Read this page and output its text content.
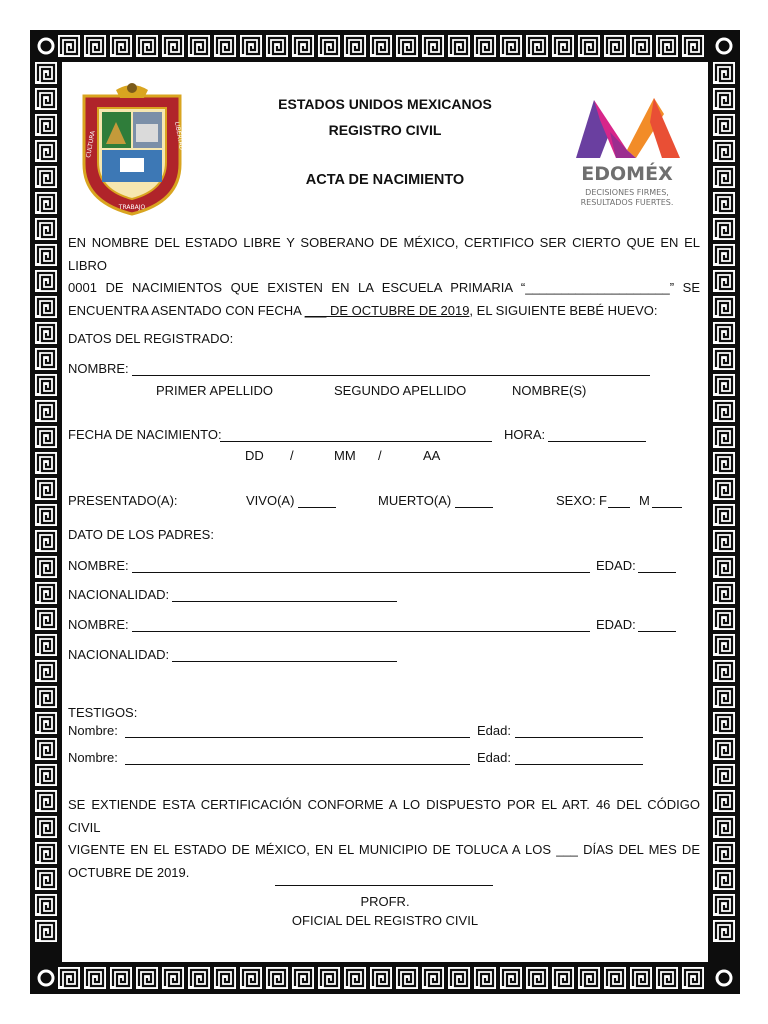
CULTURA	LIBERTAD
TRABAJO
ESTADOS UNIDOS MEXICANOS
REGISTRO CIVIL
ACTA DE NACIMIENTO	EDOMÉX
DECISIONES FIRMES,
RESULTADOS FUERTES.
EN NOMBRE DEL ESTADO LIBRE Y SOBERANO DE MÉXICO, CERTIFICO SER CIERTO QUE EN EL LIBRO
0001 DE NACIMIENTOS QUE EXISTEN EN LA ESCUELA PRIMARIA “____________________” SE
ENCUENTRA ASENTADO CON FECHA ___ DE OCTUBRE DE 2019, EL SIGUIENTE BEBÉ HUEVO:
DATOS DEL REGISTRADO:
NOMBRE:
PRIMER APELLIDO	SEGUNDO APELLIDO	NOMBRE(S)
FECHA DE NACIMIENTO:	HORA:
DD /	MM /	AA
PRESENTADO(A):	VIVO(A)	MUERTO(A)	SEXO: F M
DATO DE LOS PADRES:
NOMBRE:	EDAD:
NACIONALIDAD:
NOMBRE:	EDAD:
NACIONALIDAD:
TESTIGOS:
Nombre:	Edad:
Nombre:	Edad:
SE EXTIENDE ESTA CERTIFICACIÓN CONFORME A LO DISPUESTO POR EL ART. 46 DEL CÓDIGO CIVIL
VIGENTE EN EL ESTADO DE MÉXICO, EN EL MUNICIPIO DE TOLUCA A LOS ___ DÍAS DEL MES DE
OCTUBRE DE 2019.
PROFR.
OFICIAL DEL REGISTRO CIVIL
